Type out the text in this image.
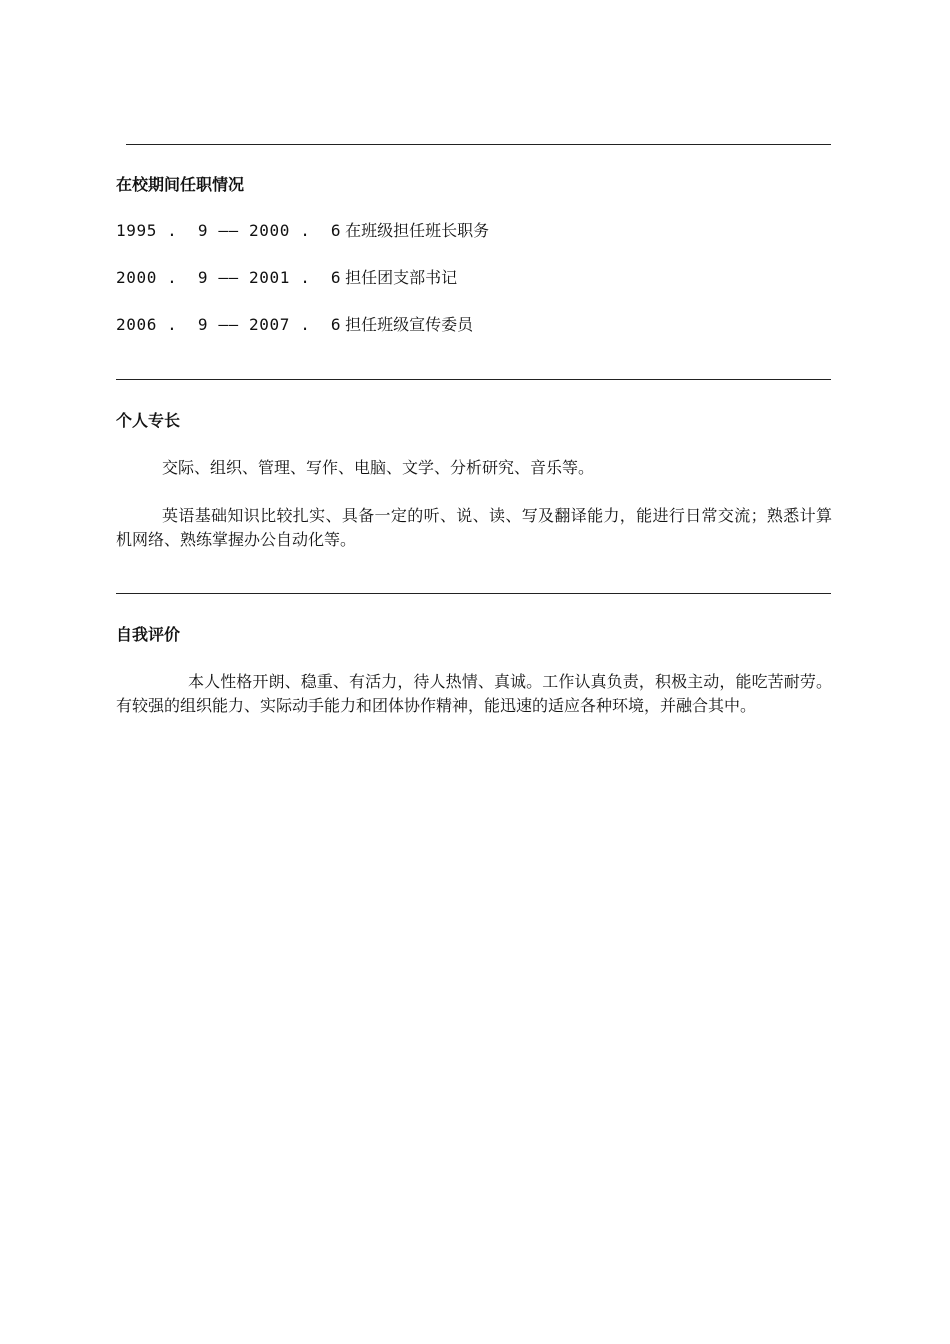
在校期间任职情况
1995 .  9 —— 2000 .  6 在班级担任班长职务
2000 .  9 —— 2001 .  6 担任团支部书记
2006 .  9 —— 2007 .  6 担任班级宣传委员
个人专长

交际、组织、管理、写作、电脑、文学、分析研究、音乐等。

英语基础知识比较扎实、具备一定的听、说、读、写及翻译能力，能进行日常交流；熟悉计算机网络、熟练掌握办公自动化等。

自我评价

本人性格开朗、稳重、有活力，待人热情、真诚。工作认真负责，积极主动，能吃苦耐劳。有较强的组织能力、实际动手能力和团体协作精神，能迅速的适应各种环境，并融合其中。
